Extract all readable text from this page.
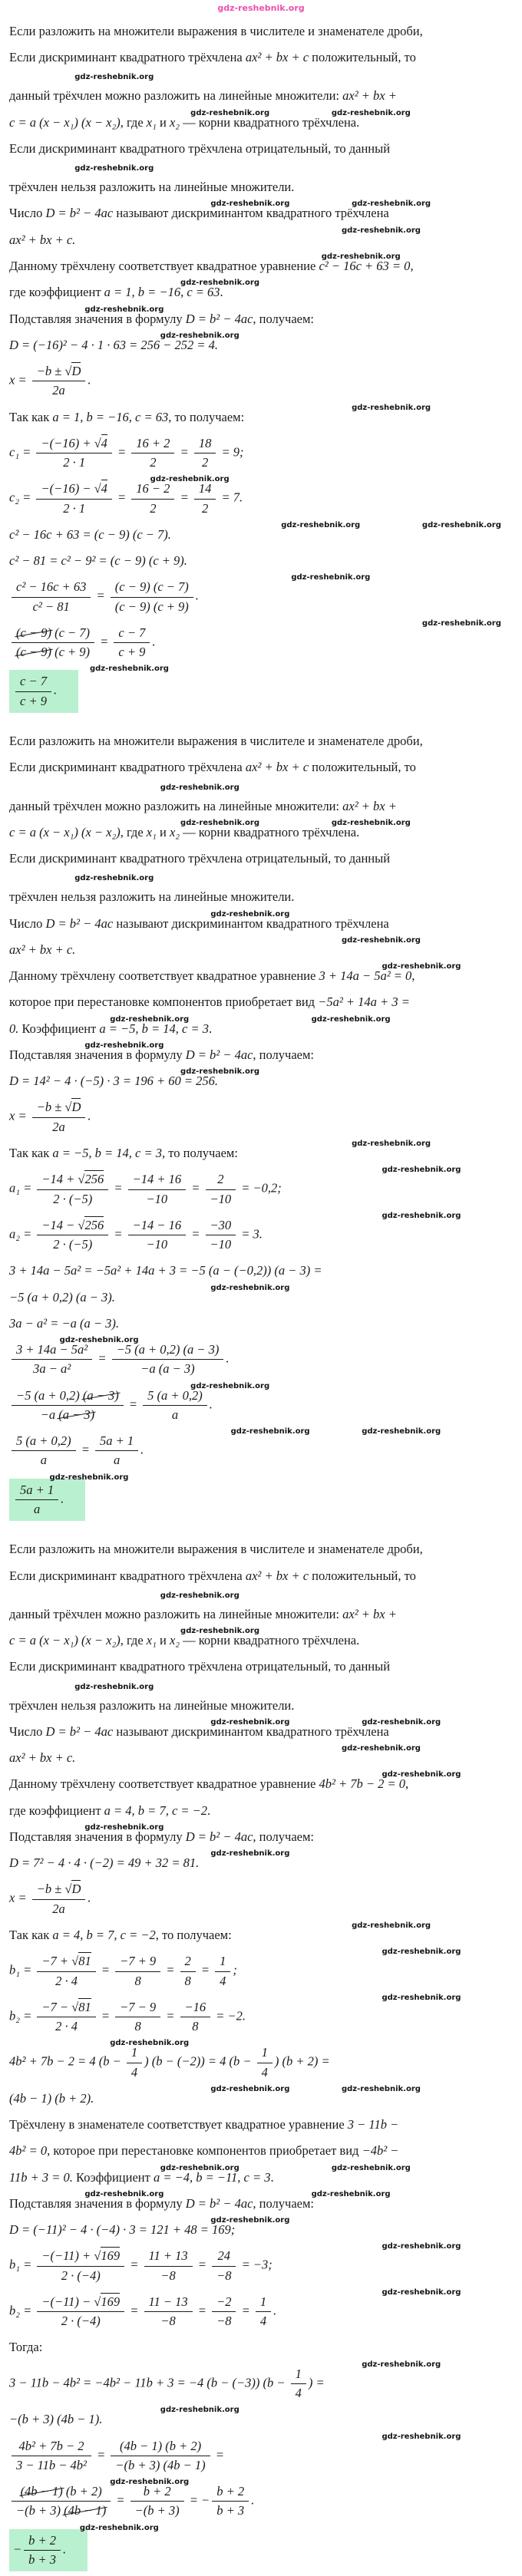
gdz-reshebnik.org
Если разложить на множители выражения в числителе и знаменателе дроби,
Если дискриминант квадратного трёхчлена ax² + bx + c положительный, то
gdz-reshebnik.org
данный трёхчлен можно разложить на линейные множители: ax² + bx +
gdz-reshebnik.org	gdz-reshebnik.org
c = a (x − x₁) (x − x₂), где x₁ и x₂ — корни квадратного трёхчлена.
Если дискриминант квадратного трёхчлена отрицательный, то данный
gdz-reshebnik.org
трёхчлен нельзя разложить на линейные множители.
gdz-reshebnik.org	gdz-reshebnik.org
Число D = b² − 4ac называют дискриминантом квадратного трёхчлена
gdz-reshebnik.org
ax² + bx + c.
gdz-reshebnik.org
Данному трёхчлену соответствует квадратное уравнение c² − 16c + 63 = 0,
gdz-reshebnik.org
где коэффициент a = 1, b = −16, c = 63.
gdz-reshebnik.org
Подставляя значения в формулу D = b² − 4ac, получаем:
gdz-reshebnik.org
D = (−16)² − 4 · 1 · 63 = 256 − 252 = 4.
$x = \frac{-b \pm √D}{2a}$ .
gdz-reshebnik.org
Так как a = 1, b = −16, c = 63, то получаем:
$c_1 = \frac{-(-16) + √4}{2 \cdot 1} = \frac{16 + 2}{2} = \frac{18}{2} = 9$;
gdz-reshebnik.org
$c_2 = \frac{-(-16) - √4}{2 \cdot 1} = \frac{16 - 2}{2} = \frac{14}{2} = 7$.
gdz-reshebnik.org	gdz-reshebnik.org
c² − 16c + 63 = (c − 9) (c − 7).
c² − 81 = c² − 9² = (c − 9) (c + 9).
gdz-reshebnik.org
$\frac{\text{c² − 16c + 63}}{\text{c² − 81}} = \frac{(c - 9) (c - 7)}{(c - 9) (c + 9)}$ .
gdz-reshebnik.org
$\frac{(c - 9) (c - 7)}{(c - 9) (c + 9)} = \frac{c - 7}{c + 9}$ .
gdz-reshebnik.org
$\frac{c - 7}{c + 9}$ .
Если разложить на множители выражения в числителе и знаменателе дроби,
Если дискриминант квадратного трёхчлена ax² + bx + c положительный, то
gdz-reshebnik.org
данный трёхчлен можно разложить на линейные множители: ax² + bx +
gdz-reshebnik.org	gdz-reshebnik.org
c = a (x − x₁) (x − x₂), где x₁ и x₂ — корни квадратного трёхчлена.
Если дискриминант квадратного трёхчлена отрицательный, то данный
gdz-reshebnik.org
трёхчлен нельзя разложить на линейные множители.
gdz-reshebnik.org
Число D = b² − 4ac называют дискриминантом квадратного трёхчлена
gdz-reshebnik.org
ax² + bx + c.
gdz-reshebnik.org
Данному трёхчлену соответствует квадратное уравнение 3 + 14a − 5a² = 0,
которое при перестановке компонентов приобретает вид −5a² + 14a + 3 =
gdz-reshebnik.org	gdz-reshebnik.org
0. Коэффициент a = −5, b = 14, c = 3.
gdz-reshebnik.org
Подставляя значения в формулу D = b² − 4ac, получаем:
gdz-reshebnik.org
D = 14² − 4 · (−5) · 3 = 196 + 60 = 256.
$x = \frac{-b \pm √D}{2a}$ .
gdz-reshebnik.org
Так как a = −5, b = 14, c = 3, то получаем:
gdz-reshebnik.org
$a_1 = \frac{-14 + √256}{2 \cdot (-5)} = \frac{-14 + 16}{-10} = \frac{2}{-10} = -0,2$;
gdz-reshebnik.org
$a_2 = \frac{-14 - √256}{2 \cdot (-5)} = \frac{-14 - 16}{-10} = \frac{-30}{-10} = 3$.
3 + 14a − 5a² = −5a² + 14a + 3 = −5 (a − (−0,2)) (a − 3) =
gdz-reshebnik.org
−5 (a + 0,2) (a − 3).
3a − a² = −a (a − 3).
gdz-reshebnik.org
$\frac{\text{3 + 14a − 5a²}}{\text{3a − a²}} = \frac{-5 (a + 0,2) (a - 3)}{-a (a - 3)}$ .
gdz-reshebnik.org
$\frac{-5 (a + 0,2) (a - 3)}{-a (a - 3)} = \frac{5 (a + 0,2)}{a}$ .
gdz-reshebnik.org	gdz-reshebnik.org
$\frac{5 (a + 0,2)}{a} = \frac{5a + 1}{a}$ .
gdz-reshebnik.org
$\frac{5a + 1}{a}$ .
Если разложить на множители выражения в числителе и знаменателе дроби,
Если дискриминант квадратного трёхчлена ax² + bx + c положительный, то
gdz-reshebnik.org
данный трёхчлен можно разложить на линейные множители: ax² + bx +
gdz-reshebnik.org
c = a (x − x₁) (x − x₂), где x₁ и x₂ — корни квадратного трёхчлена.
Если дискриминант квадратного трёхчлена отрицательный, то данный
gdz-reshebnik.org
трёхчлен нельзя разложить на линейные множители.
gdz-reshebnik.org	gdz-reshebnik.org
Число D = b² − 4ac называют дискриминантом квадратного трёхчлена
gdz-reshebnik.org
ax² + bx + c.
gdz-reshebnik.org
Данному трёхчлену соответствует квадратное уравнение 4b² + 7b − 2 = 0,
где коэффициент a = 4, b = 7, c = −2.
gdz-reshebnik.org
Подставляя значения в формулу D = b² − 4ac, получаем:
gdz-reshebnik.org
D = 7² − 4 · 4 · (−2) = 49 + 32 = 81.
$x = \frac{-b \pm √D}{2a}$ .
gdz-reshebnik.org
Так как a = 4, b = 7, c = −2, то получаем:
gdz-reshebnik.org
$b_1 = \frac{-7 + √81}{2 \cdot 4} = \frac{-7 + 9}{8} = \frac{2}{8} = \frac{1}{4}$ ;
gdz-reshebnik.org
$b_2 = \frac{-7 - √81}{2 \cdot 4} = \frac{-7 - 9}{8} = \frac{-16}{8} = -2$.
gdz-reshebnik.org
4b² + 7b − 2 = 4 ($b - \frac{1}{4}$ ) (b − (−2)) = 4 ($b - \frac{1}{4}$ ) (b + 2) =
gdz-reshebnik.org	gdz-reshebnik.org
(4b − 1) (b + 2).
Трёхчлену в знаменателе соответствует квадратное уравнение 3 − 11b −
4b² = 0, которое при перестановке компонентов приобретает вид −4b² −
gdz-reshebnik.org	gdz-reshebnik.org
11b + 3 = 0. Коэффициент a = −4, b = −11, c = 3.
gdz-reshebnik.org	gdz-reshebnik.org
Подставляя значения в формулу D = b² − 4ac, получаем:
gdz-reshebnik.org
D = (−11)² − 4 · (−4) · 3 = 121 + 48 = 169;
gdz-reshebnik.org
$b_1 = \frac{-(-11) + √169}{2 \cdot (-4)} = \frac{11 + 13}{-8} = \frac{24}{-8} = -3$;
gdz-reshebnik.org
$b_2 = \frac{-(-11) - √169}{2 \cdot (-4)} = \frac{11 - 13}{-8} = \frac{-2}{-8} = \frac{1}{4}$ .
Тогда:
gdz-reshebnik.org
3 − 11b − 4b² = −4b² − 11b + 3 = −4 (b − (−3)) ($b - \frac{1}{4}$ ) =
gdz-reshebnik.org
−(b + 3) (4b − 1).
gdz-reshebnik.org
$\frac{\text{4b² + 7b − 2}}{\text{3 − 11b − 4b²}} = \frac{(4b - 1) (b + 2)}{-(b + 3) (4b - 1)}$ =
gdz-reshebnik.org
$\frac{(4b - 1) (b + 2)}{-(b + 3) (4b - 1)} = \frac{b + 2}{-(b + 3)}$ = − $\frac{b + 2}{b + 3}$ .
gdz-reshebnik.org
− $\frac{b + 2}{b + 3}$ .
